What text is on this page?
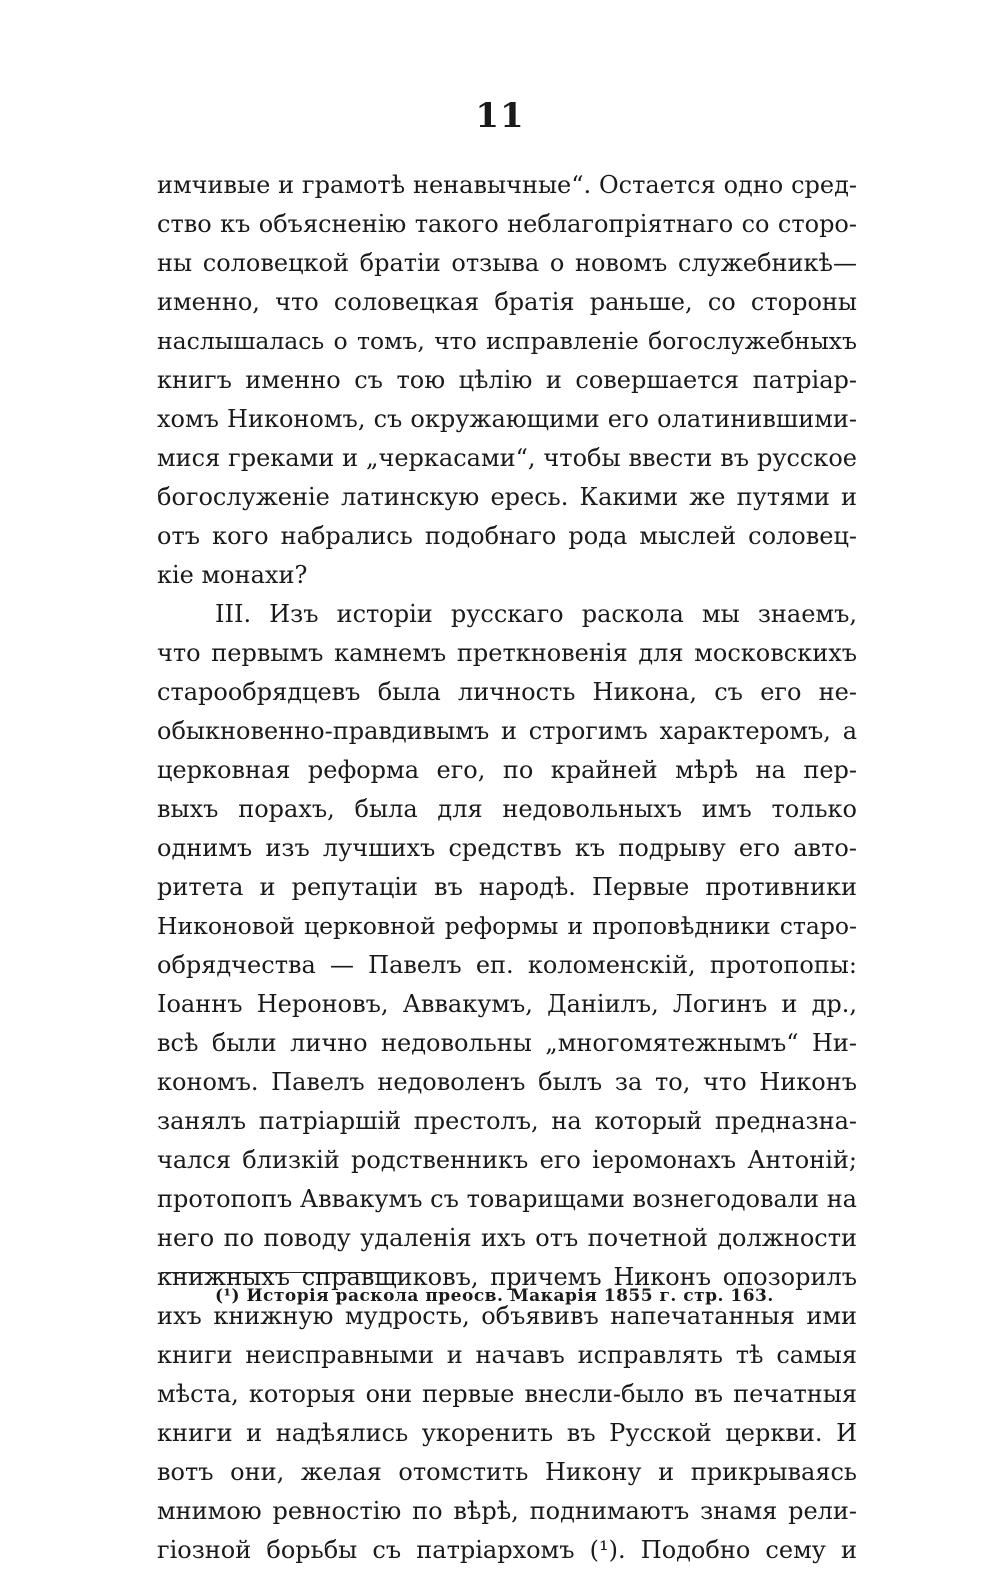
11
имчивые и грамотѣ ненавычные“. Остается одно сред-
ство къ объясненію такого неблагопріятнаго со сторо-
ны соловецкой братіи отзыва о новомъ служебникѣ—
именно, что соловецкая братія раньше, со стороны
наслышалась о томъ, что исправленіе богослужебныхъ
книгъ именно съ тою цѣлію и совершается патріар-
хомъ Никономъ, съ окружающими его олатинившими-
мися греками и „черкасами“, чтобы ввести въ русское
богослуженіе латинскую ересь. Какими же путями и
отъ кого набрались подобнаго рода мыслей соловец-
кіе монахи?
III. Изъ исторіи русскаго раскола мы знаемъ,
что первымъ камнемъ преткновенія для московскихъ
старообрядцевъ была личность Никона, съ его не-
обыкновенно-правдивымъ и строгимъ характеромъ, а
церковная реформа его, по крайней мѣрѣ на пер-
выхъ порахъ, была для недовольныхъ имъ только
однимъ изъ лучшихъ средствъ къ подрыву его авто-
ритета и репутаціи въ народѣ. Первые противники
Никоновой церковной реформы и проповѣдники старо-
обрядчества — Павелъ еп. коломенскій, протопопы:
Іоаннъ Нероновъ, Аввакумъ, Даніилъ, Логинъ и др.,
всѣ были лично недовольны „многомятежнымъ“ Ни-
кономъ. Павелъ недоволенъ былъ за то, что Никонъ
занялъ патріаршій престолъ, на который предназна-
чался близкій родственникъ его іеромонахъ Антоній;
протопопъ Аввакумъ съ товарищами вознегодовали на
него по поводу удаленія ихъ отъ почетной должности
книжныхъ справщиковъ, причемъ Никонъ опозорилъ
ихъ книжную мудрость, объявивъ напечатанныя ими
книги неисправными и начавъ исправлять тѣ самыя
мѣста, которыя они первые внесли-было въ печатныя
книги и надѣялись укоренить въ Русской церкви. И
вотъ они, желая отомстить Никону и прикрываясь
мнимою ревностію по вѣрѣ, поднимаютъ знамя рели-
гіозной борьбы съ патріархомъ (¹). Подобно сему и
(¹) Исторія раскола преосв. Макарія 1855 г. стр. 163.
